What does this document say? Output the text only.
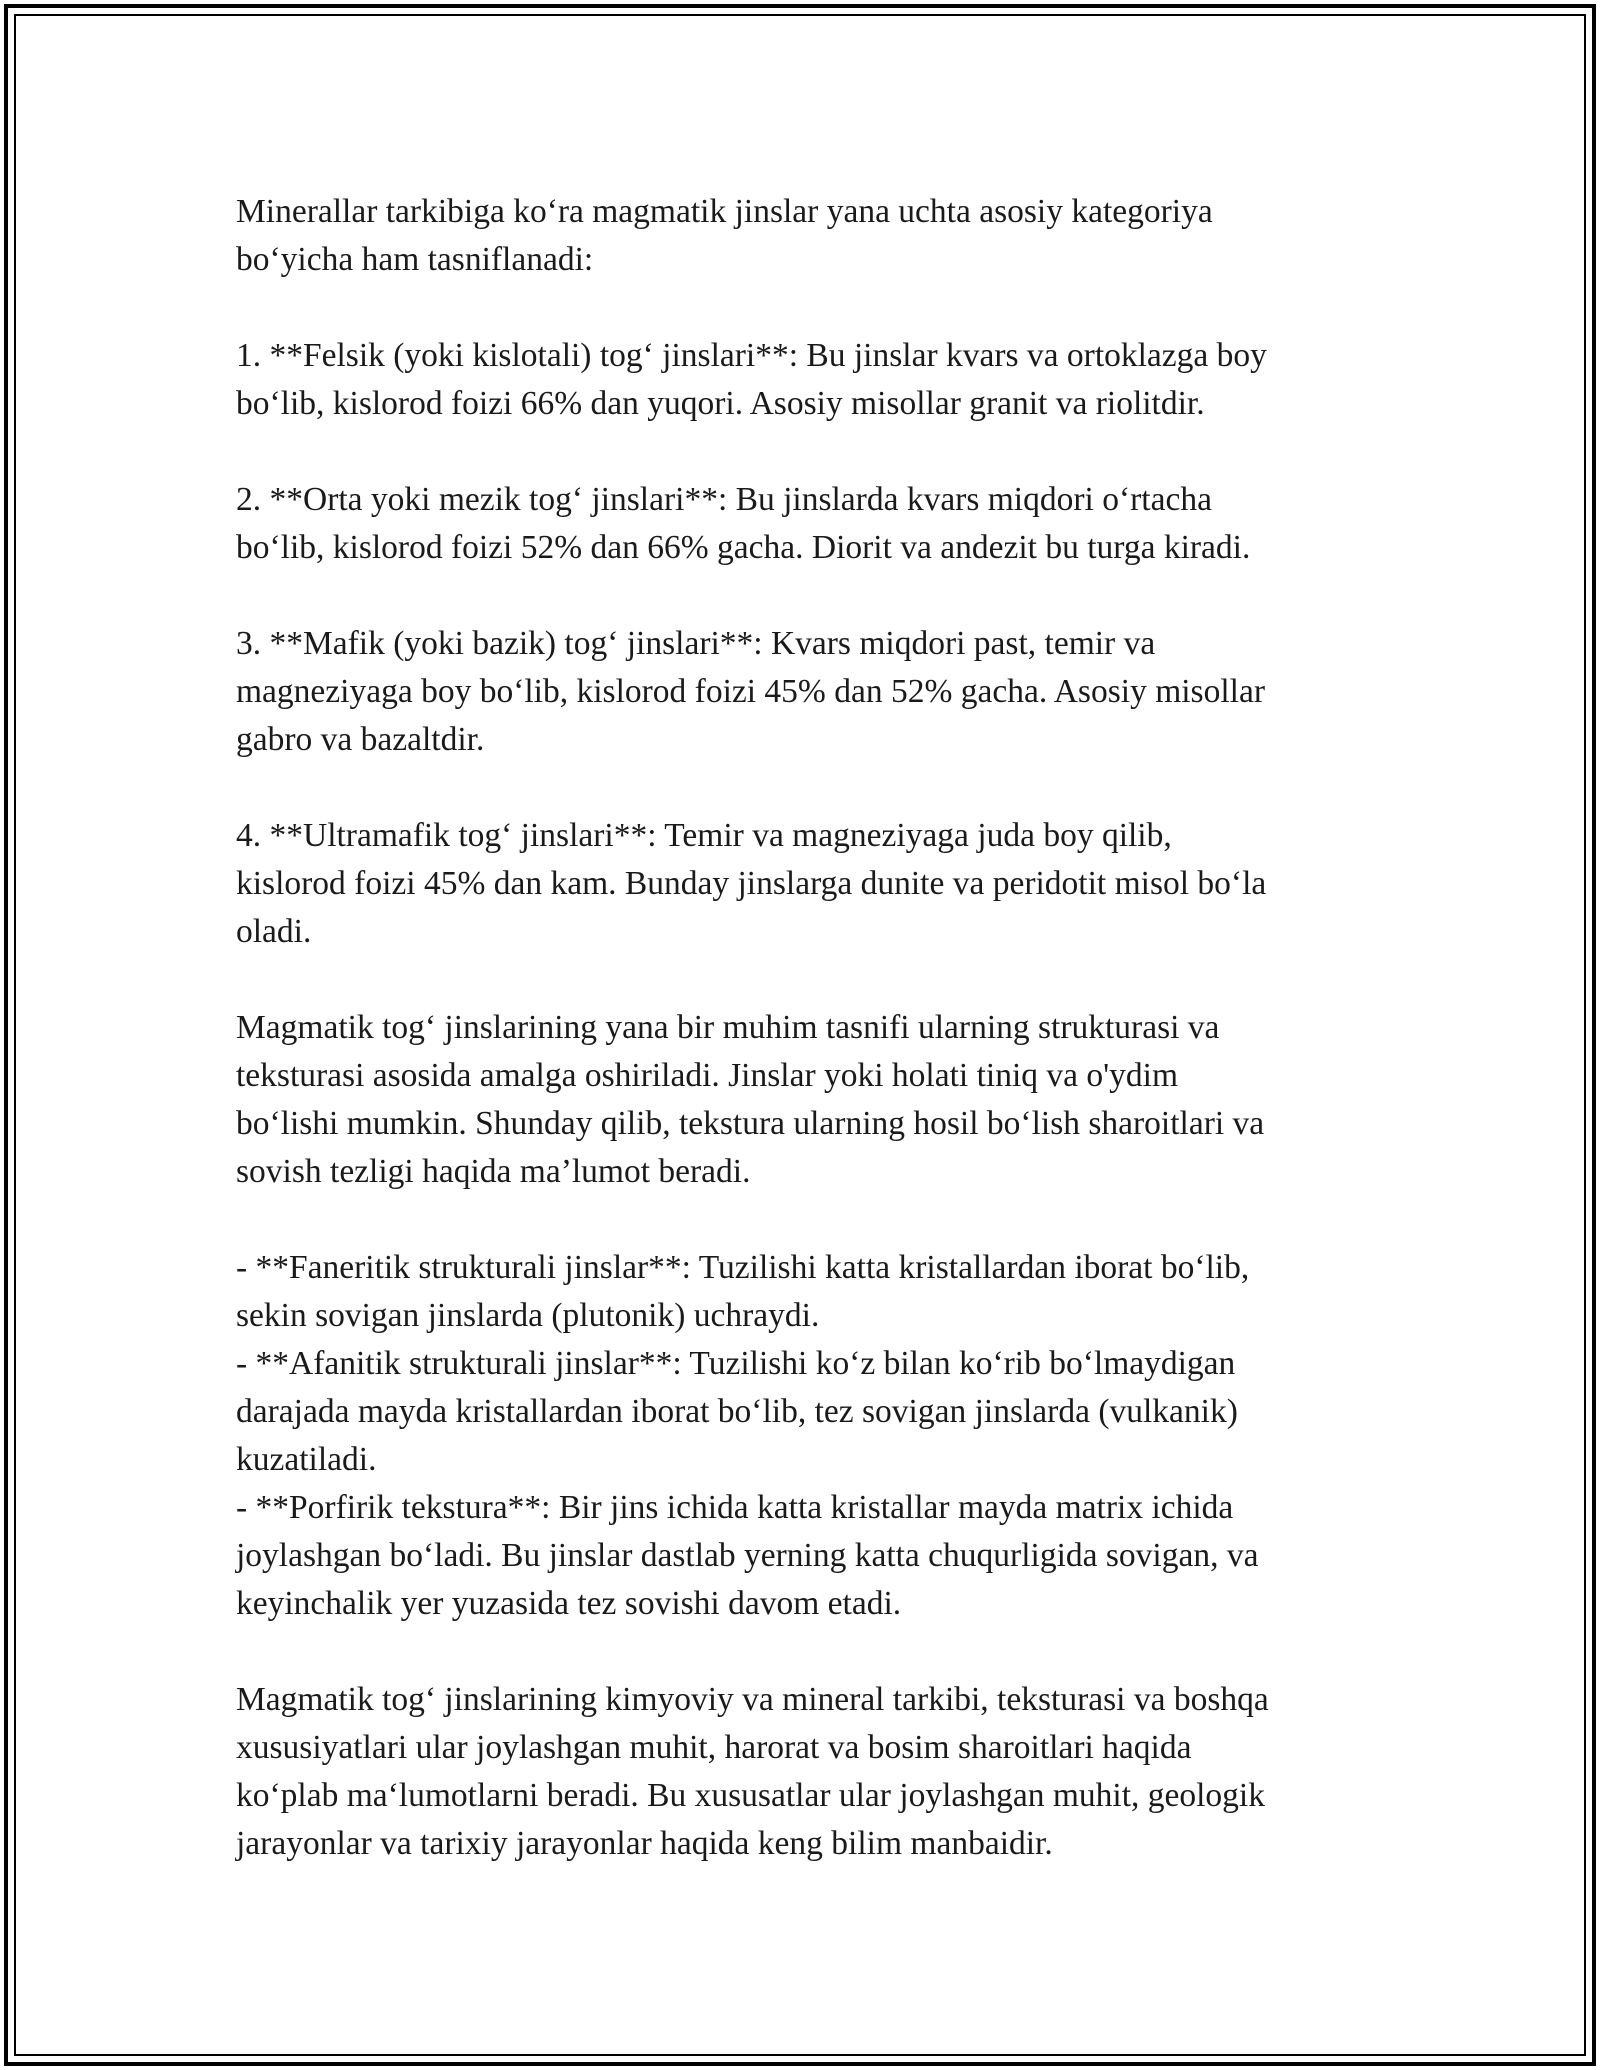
Minerallar tarkibiga ko‘ra magmatik jinslar yana uchta asosiy kategoriya
bo‘yicha ham tasniflanadi:

1. **Felsik (yoki kislotali) tog‘ jinslari**: Bu jinslar kvars va ortoklazga boy
bo‘lib, kislorod foizi 66% dan yuqori. Asosiy misollar granit va riolitdir.

2. **Orta yoki mezik tog‘ jinslari**: Bu jinslarda kvars miqdori o‘rtacha
bo‘lib, kislorod foizi 52% dan 66% gacha. Diorit va andezit bu turga kiradi.

3. **Mafik (yoki bazik) tog‘ jinslari**: Kvars miqdori past, temir va
magneziyaga boy bo‘lib, kislorod foizi 45% dan 52% gacha. Asosiy misollar
gabro va bazaltdir.

4. **Ultramafik tog‘ jinslari**: Temir va magneziyaga juda boy qilib,
kislorod foizi 45% dan kam. Bunday jinslarga dunite va peridotit misol bo‘la
oladi.

Magmatik tog‘ jinslarining yana bir muhim tasnifi ularning strukturasi va
teksturasi asosida amalga oshiriladi. Jinslar yoki holati tiniq va o'ydim
bo‘lishi mumkin. Shunday qilib, tekstura ularning hosil bo‘lish sharoitlari va
sovish tezligi haqida ma’lumot beradi.

- **Faneritik strukturali jinslar**: Tuzilishi katta kristallardan iborat bo‘lib,
sekin sovigan jinslarda (plutonik) uchraydi.
- **Afanitik strukturali jinslar**: Tuzilishi ko‘z bilan ko‘rib bo‘lmaydigan
darajada mayda kristallardan iborat bo‘lib, tez sovigan jinslarda (vulkanik)
kuzatiladi.
- **Porfirik tekstura**: Bir jins ichida katta kristallar mayda matrix ichida
joylashgan bo‘ladi. Bu jinslar dastlab yerning katta chuqurligida sovigan, va
keyinchalik yer yuzasida tez sovishi davom etadi.

Magmatik tog‘ jinslarining kimyoviy va mineral tarkibi, teksturasi va boshqa
xususiyatlari ular joylashgan muhit, harorat va bosim sharoitlari haqida
ko‘plab ma‘lumotlarni beradi. Bu xususatlar ular joylashgan muhit, geologik
jarayonlar va tarixiy jarayonlar haqida keng bilim manbaidir.
